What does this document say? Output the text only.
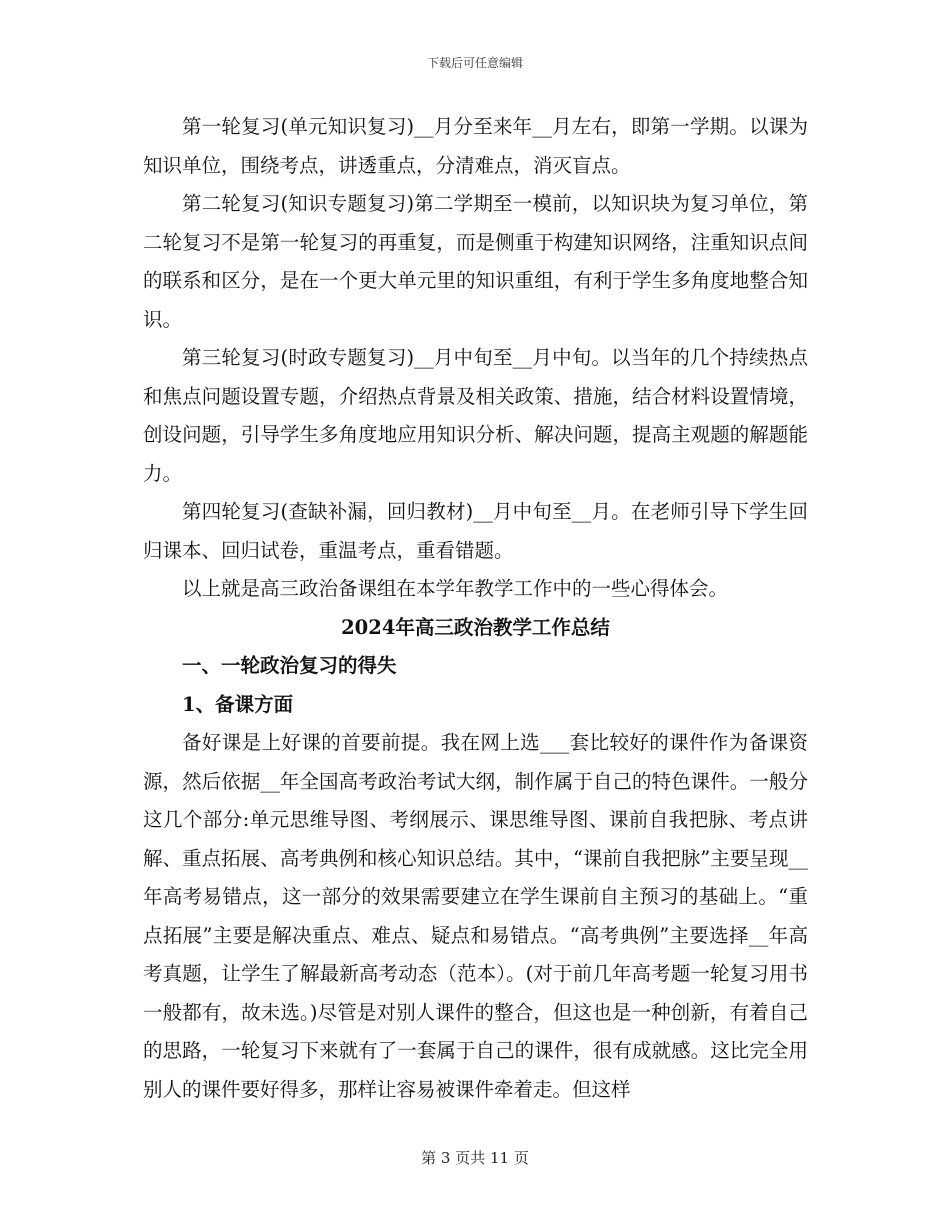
下载后可任意编辑

第一轮复习(单元知识复习)__月分至来年__月左右，即第一学期。以课为知识单位，围绕考点，讲透重点，分清难点，消灭盲点。

第二轮复习(知识专题复习)第二学期至一模前，以知识块为复习单位，第二轮复习不是第一轮复习的再重复，而是侧重于构建知识网络，注重知识点间的联系和区分，是在一个更大单元里的知识重组，有利于学生多角度地整合知识。

第三轮复习(时政专题复习)__月中旬至__月中旬。以当年的几个持续热点和焦点问题设置专题，介绍热点背景及相关政策、措施，结合材料设置情境，创设问题，引导学生多角度地应用知识分析、解决问题，提高主观题的解题能力。

第四轮复习(查缺补漏，回归教材)__月中旬至__月。在老师引导下学生回归课本、回归试卷，重温考点，重看错题。

以上就是高三政治备课组在本学年教学工作中的一些心得体会。

2024年高三政治教学工作总结

一、一轮政治复习的得失

1、备课方面

备好课是上好课的首要前提。我在网上选___套比较好的课件作为备课资源，然后依据__年全国高考政治考试大纲，制作属于自己的特色课件。一般分这几个部分:单元思维导图、考纲展示、课思维导图、课前自我把脉、考点讲解、重点拓展、高考典例和核心知识总结。其中，“课前自我把脉”主要呈现__年高考易错点，这一部分的效果需要建立在学生课前自主预习的基础上。“重点拓展”主要是解决重点、难点、疑点和易错点。“高考典例”主要选择__年高考真题，让学生了解最新高考动态（范本）。(对于前几年高考题一轮复习用书一般都有，故未选。)尽管是对别人课件的整合，但这也是一种创新，有着自己的思路，一轮复习下来就有了一套属于自己的课件，很有成就感。这比完全用别人的课件要好得多，那样让容易被课件牵着走。但这样

第 3 页共 11 页
